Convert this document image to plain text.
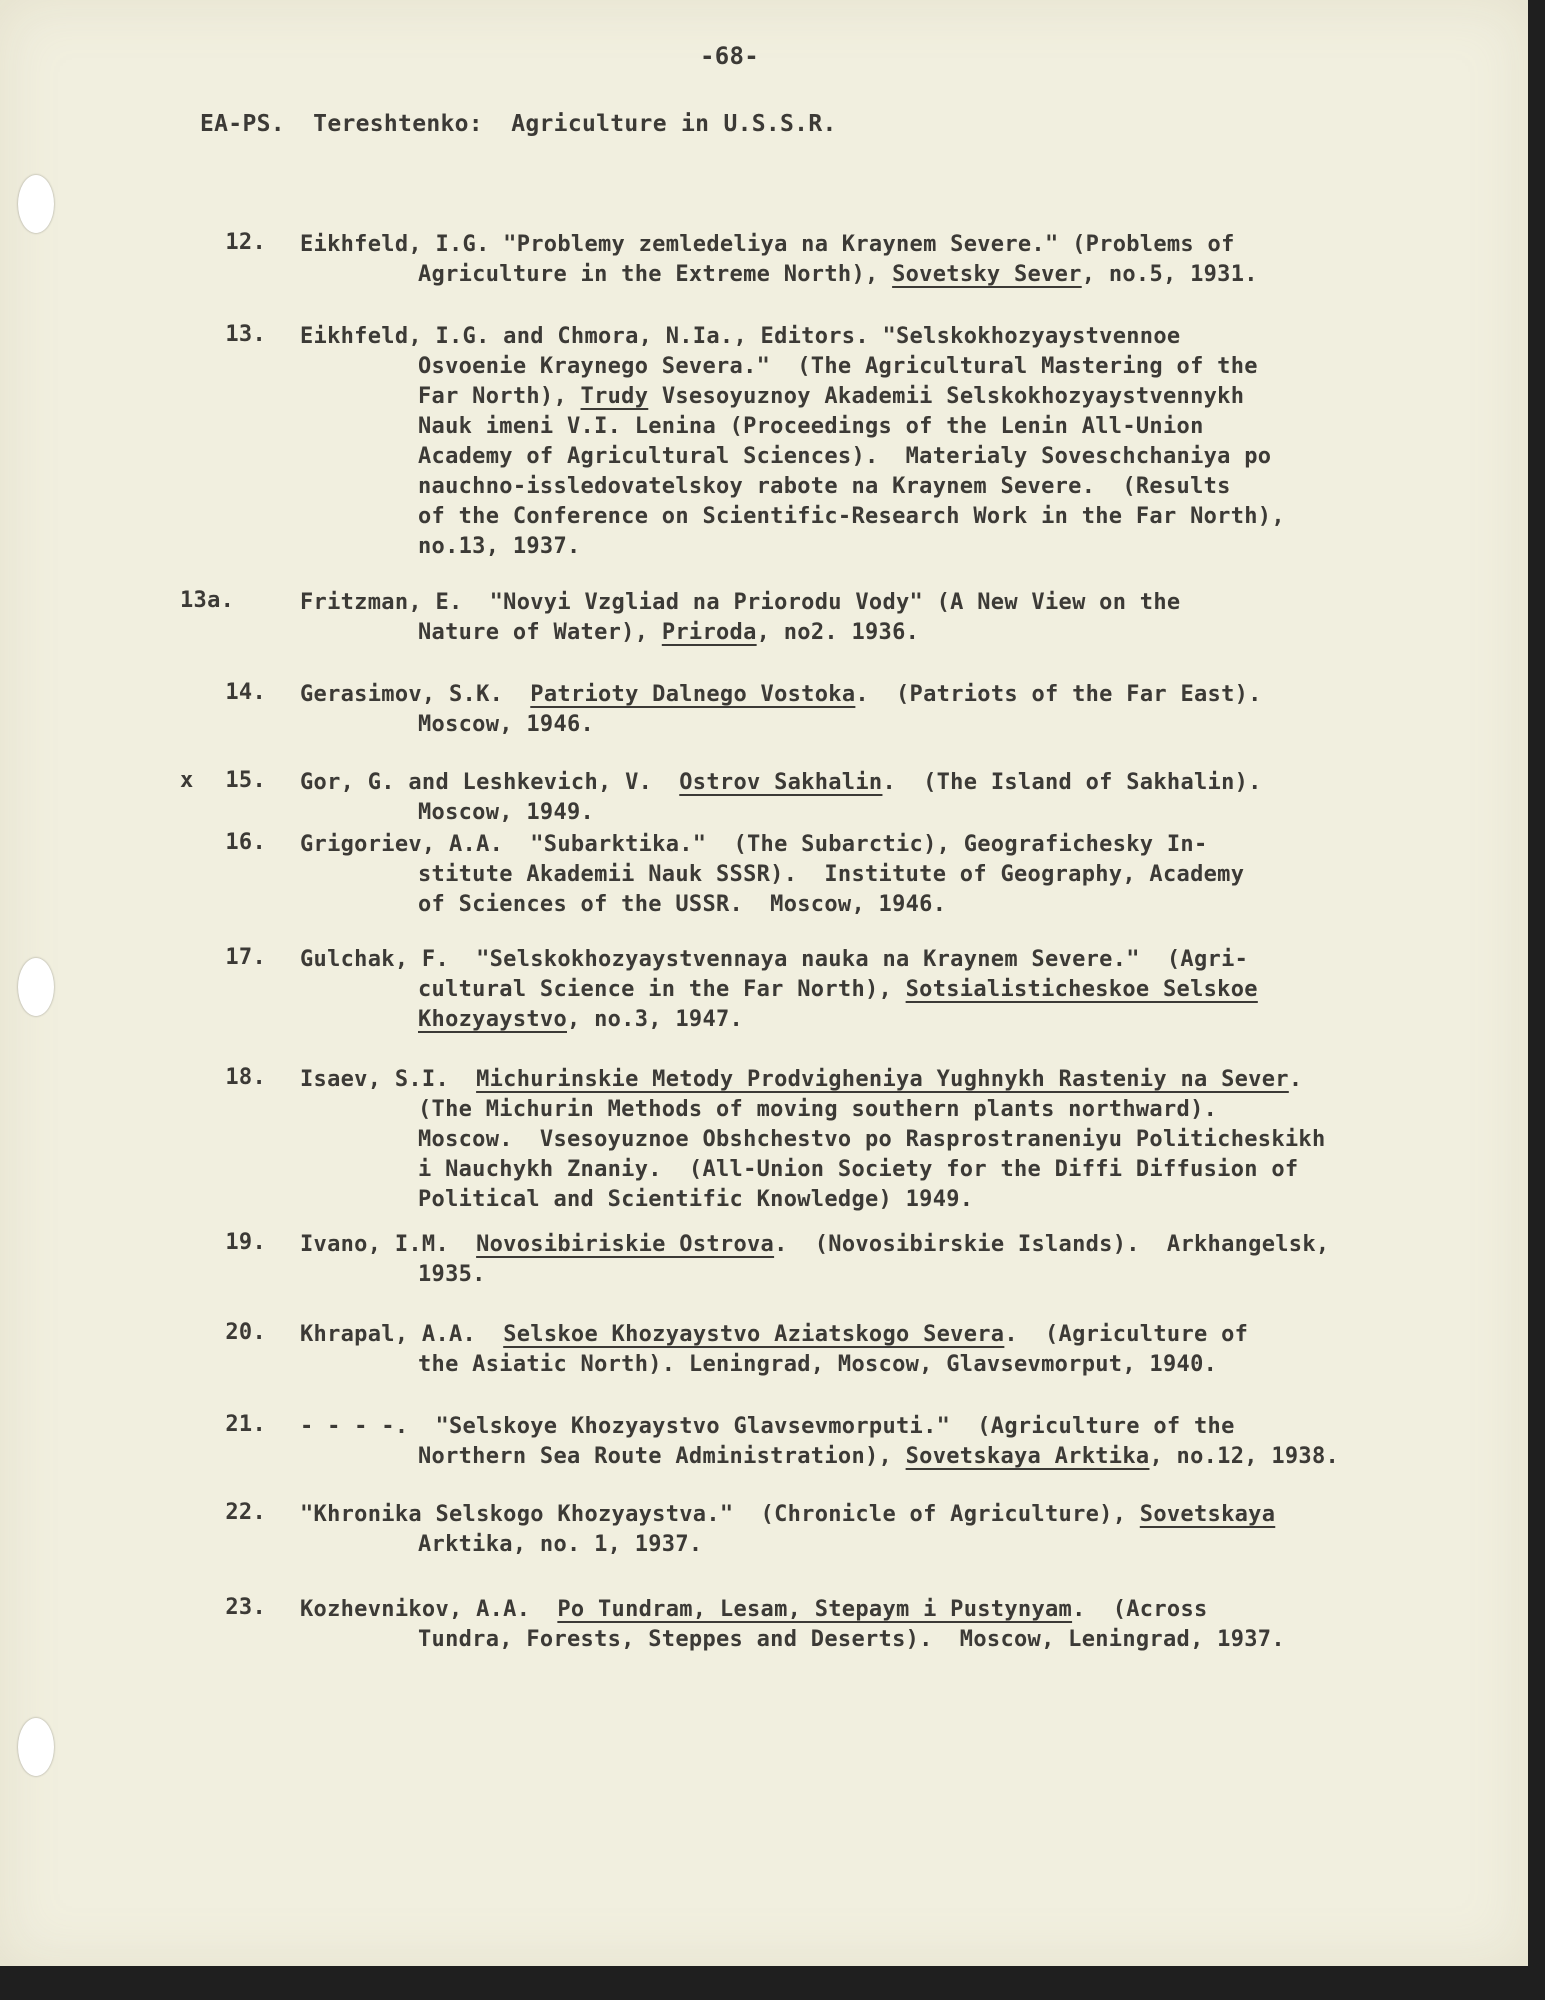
-68-
EA-PS.  Tereshtenko:  Agriculture in U.S.S.R.
12. Eikhfeld, I.G. "Problemy zemledeliya na Kraynem Severe." (Problems of
Agriculture in the Extreme North), Sovetsky Sever, no.5, 1931.
13. Eikhfeld, I.G. and Chmora, N.Ia., Editors. "Selskokhozyaystvennoe
Osvoenie Kraynego Severa."  (The Agricultural Mastering of the
Far North), Trudy Vsesoyuznoy Akademii Selskokhozyaystvennykh
Nauk imeni V.I. Lenina (Proceedings of the Lenin All-Union
Academy of Agricultural Sciences).  Materialy Soveschchaniya po
nauchno-issledovatelskoy rabote na Kraynem Severe.  (Results
of the Conference on Scientific-Research Work in the Far North),
no.13, 1937.
13a.	Fritzman, E.  "Novyi Vzgliad na Priorodu Vody" (A New View on the
Nature of Water), Priroda, no2. 1936.
14. Gerasimov, S.K.  Patrioty Dalnego Vostoka.  (Patriots of the Far East).
Moscow, 1946.
x	15. Gor, G. and Leshkevich, V.  Ostrov Sakhalin.  (The Island of Sakhalin).
Moscow, 1949.
16. Grigoriev, A.A.  "Subarktika."  (The Subarctic), Geografichesky In-
stitute Akademii Nauk SSSR).  Institute of Geography, Academy
of Sciences of the USSR.  Moscow, 1946.
17. Gulchak, F.  "Selskokhozyaystvennaya nauka na Kraynem Severe."  (Agri-
cultural Science in the Far North), Sotsialisticheskoe Selskoe
Khozyaystvo, no.3, 1947.
18. Isaev, S.I.  Michurinskie Metody Prodvigheniya Yughnykh Rasteniy na Sever.
(The Michurin Methods of moving southern plants northward).
Moscow.  Vsesoyuznoe Obshchestvo po Rasprostraneniyu Politicheskikh
i Nauchykh Znaniy.  (All-Union Society for the Diffi Diffusion of
Political and Scientific Knowledge) 1949.
19. Ivano, I.M.  Novosibiriskie Ostrova.  (Novosibirskie Islands).  Arkhangelsk,
1935.
20. Khrapal, A.A.  Selskoe Khozyaystvo Aziatskogo Severa.  (Agriculture of
the Asiatic North). Leningrad, Moscow, Glavsevmorput, 1940.
21. - - - -.  "Selskoye Khozyaystvo Glavsevmorputi."  (Agriculture of the
Northern Sea Route Administration), Sovetskaya Arktika, no.12, 1938.
22. "Khronika Selskogo Khozyaystva."  (Chronicle of Agriculture), Sovetskaya
Arktika, no. 1, 1937.
23. Kozhevnikov, A.A.  Po Tundram, Lesam, Stepaym i Pustynyam.  (Across
Tundra, Forests, Steppes and Deserts).  Moscow, Leningrad, 1937.
